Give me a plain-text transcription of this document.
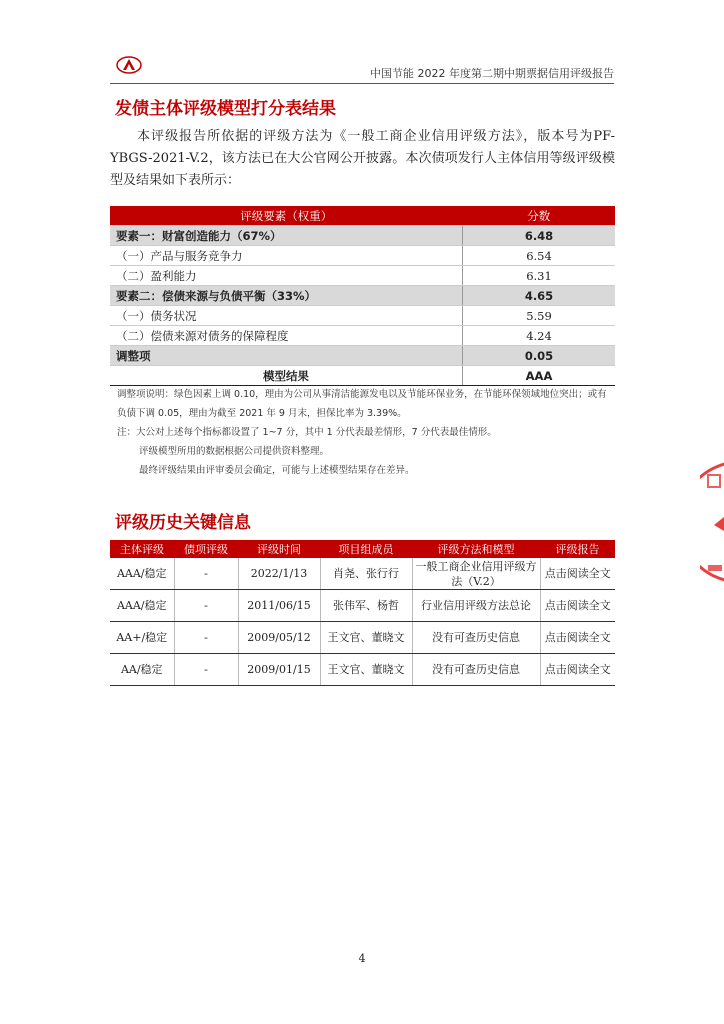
中国节能 2022 年度第二期中期票据信用评级报告
发债主体评级模型打分表结果
本评级报告所依据的评级方法为《一般工商企业信用评级方法》，版本号为PF-YBGS-2021-V.2，该方法已在大公官网公开披露。本次债项发行人主体信用等级评级模型及结果如下表所示：
评级要素（权重）	分数
要素一：财富创造能力（67%）	6.48
（一）产品与服务竞争力	6.54
（二）盈利能力	6.31
要素二：偿债来源与负债平衡（33%）	4.65
（一）债务状况	5.59
（二）偿债来源对债务的保障程度	4.24
调整项	0.05
模型结果	AAA
调整项说明：绿色因素上调 0.10，理由为公司从事清洁能源发电以及节能环保业务，在节能环保领域地位突出；或有负债下调 0.05，理由为截至 2021 年 9 月末，担保比率为 3.39%。
注：大公对上述每个指标都设置了 1~7 分，其中 1 分代表最差情形，7 分代表最佳情形。
评级模型所用的数据根据公司提供资料整理。
最终评级结果由评审委员会确定，可能与上述模型结果存在差异。
评级历史关键信息
主体评级	债项评级	评级时间	项目组成员	评级方法和模型	评级报告
AAA/稳定	-	2022/1/13	肖尧、张行行	一般工商企业信用评级方法（V.2）	点击阅读全文
AAA/稳定	-	2011/06/15	张伟军、杨哲	行业信用评级方法总论	点击阅读全文
AA+/稳定	-	2009/05/12	王文官、董晓文	没有可查历史信息	点击阅读全文
AA/稳定	-	2009/01/15	王文官、董晓文	没有可查历史信息	点击阅读全文
4
